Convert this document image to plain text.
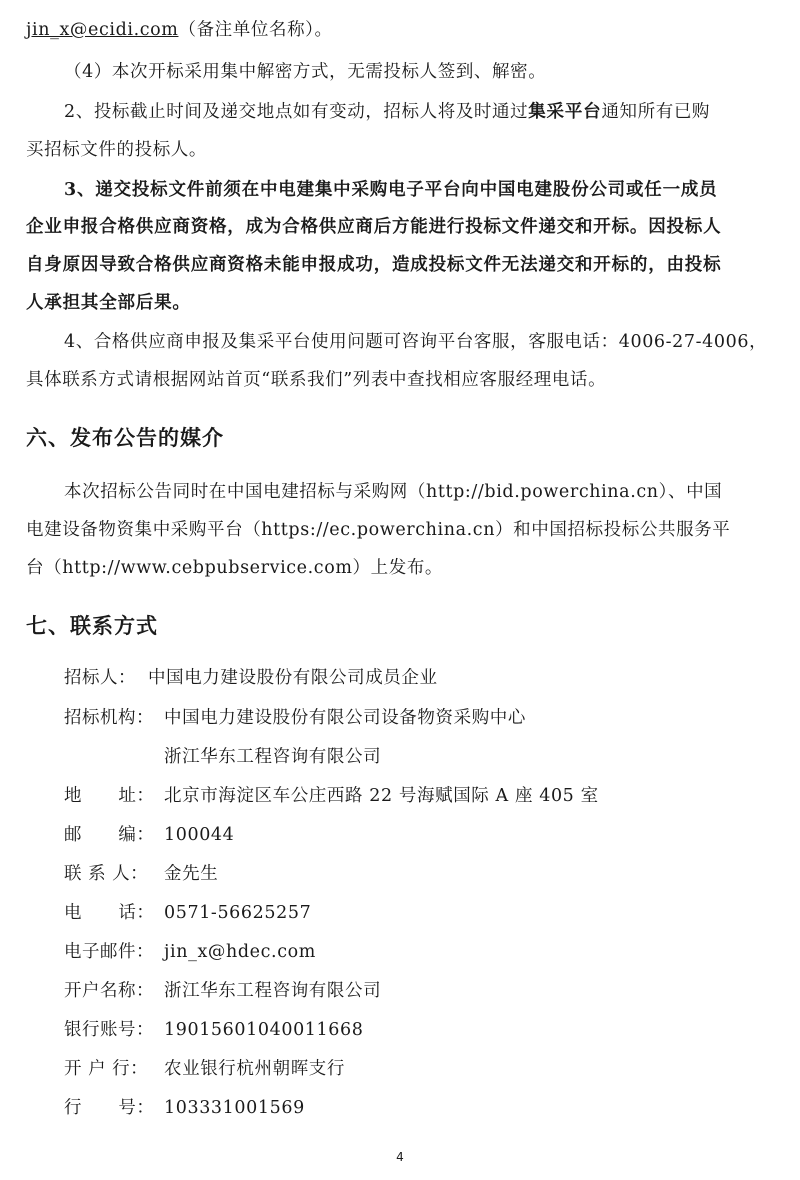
jin_x@ecidi.com（备注单位名称）。
（4）本次开标采用集中解密方式，无需投标人签到、解密。
2、投标截止时间及递交地点如有变动，招标人将及时通过集采平台通知所有已购
买招标文件的投标人。
3、递交投标文件前须在中电建集中采购电子平台向中国电建股份公司或任一成员
企业申报合格供应商资格，成为合格供应商后方能进行投标文件递交和开标。因投标人
自身原因导致合格供应商资格未能申报成功，造成投标文件无法递交和开标的，由投标
人承担其全部后果。
4、合格供应商申报及集采平台使用问题可咨询平台客服，客服电话：4006-27-4006，
具体联系方式请根据网站首页“联系我们”列表中查找相应客服经理电话。
六、发布公告的媒介
本次招标公告同时在中国电建招标与采购网（http://bid.powerchina.cn）、中国
电建设备物资集中采购平台（https://ec.powerchina.cn）和中国招标投标公共服务平
台（http://www.cebpubservice.com）上发布。
七、联系方式
招标人： 中国电力建设股份有限公司成员企业
招标机构： 中国电力建设股份有限公司设备物资采购中心
浙江华东工程咨询有限公司
地      址： 北京市海淀区车公庄西路 22 号海赋国际 A 座 405 室
邮      编： 100044
联 系 人： 金先生
电      话： 0571-56625257
电子邮件： jin_x@hdec.com
开户名称： 浙江华东工程咨询有限公司
银行账号： 19015601040011668
开 户 行： 农业银行杭州朝晖支行
行      号： 103331001569
4
